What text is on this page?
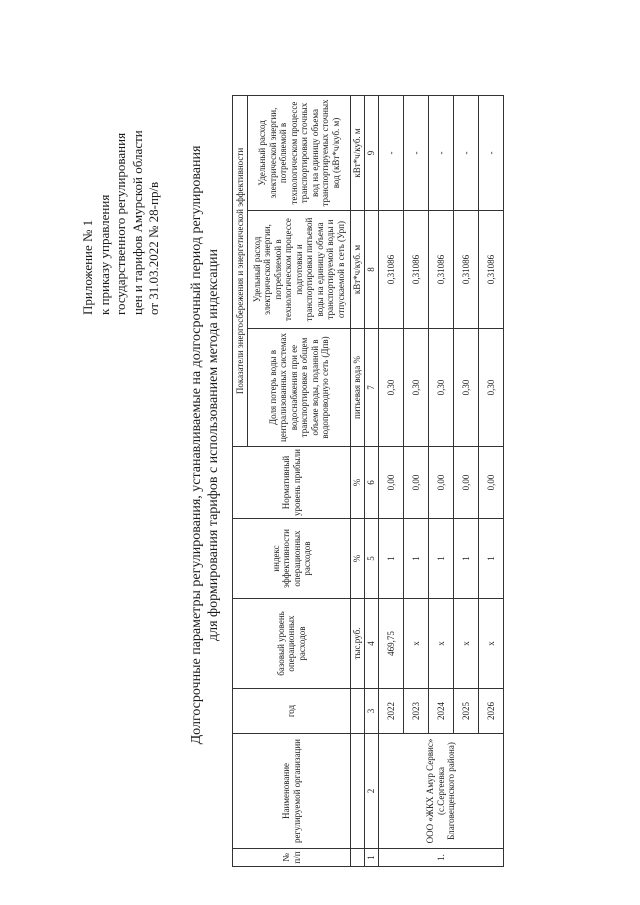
Приложение № 1 к приказу управления государственного регулирования цен и тарифов Амурской области от 31.03.2022 № 28-пр/в Долгосрочные параметры регулирования, устанавливаемые на долгосрочный период регулирования для формирования тарифов с использованием метода индексации
№ п/п	Наименование регулируемой организации	год	базовый уровень операционных расходов	индекс эффективности операционных расходов	Нормативный уровень прибыли	Показатели энергосбережения и энергетической эффективности		
						Доля потерь воды в централизованных системах водоснабжения при ее транспортировке в общем объеме воды, поданной в водопроводную сеть (Дпв)	Удельный расход электрической энергии, потребляемой в технологическом процессе подготовки и транспортировки питьевой воды на единицу объема транспортируемой воды и отпускаемой в сеть (Урп)	Удельный расход электрической энергии, потребляемой в технологическом процессе транспортировки сточных вод на единицу объема транспортируемых сточных вод (кВт*ч/куб. м)
			тыс.руб.	%	%	питьевая вода %	кВт*ч/куб. м	кВт*ч/куб. м
1	2	3	4	5	6	7	8	9
1.	ООО «ЖКХ Амур Сервис» (с.Сергеевка Благовещенского района)	2022	469,75	1	0,00	0,30	0,31086	-
		2023	х	1	0,00	0,30	0,31086	-
		2024	х	1	0,00	0,30	0,31086	-
		2025	х	1	0,00	0,30	0,31086	-
		2026	х	1	0,00	0,30	0,31086	-
